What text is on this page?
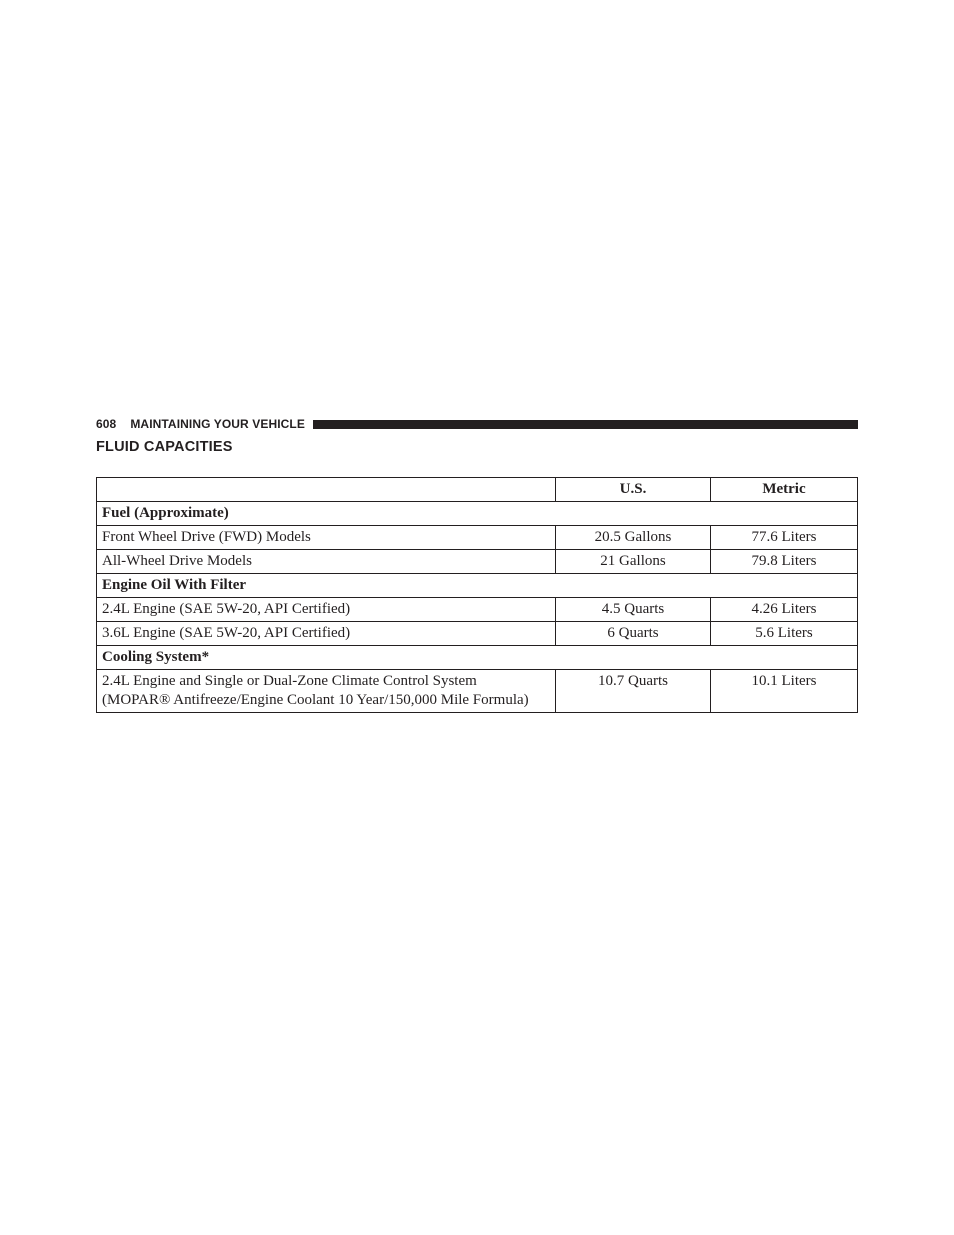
608 MAINTAINING YOUR VEHICLE
FLUID CAPACITIES
	U.S.	Metric
Fuel (Approximate)		
Front Wheel Drive (FWD) Models	20.5 Gallons	77.6 Liters
All-Wheel Drive Models	21 Gallons	79.8 Liters
Engine Oil With Filter		
2.4L Engine (SAE 5W-20, API Certified)	4.5 Quarts	4.26 Liters
3.6L Engine (SAE 5W-20, API Certified)	6 Quarts	5.6 Liters
Cooling System*		

2.4L Engine and Single or Dual-Zone Climate Control System
(MOPAR® Antifreeze/Engine Coolant 10 Year/150,000 Mile Formula)	10.7 Quarts	10.1 Liters
